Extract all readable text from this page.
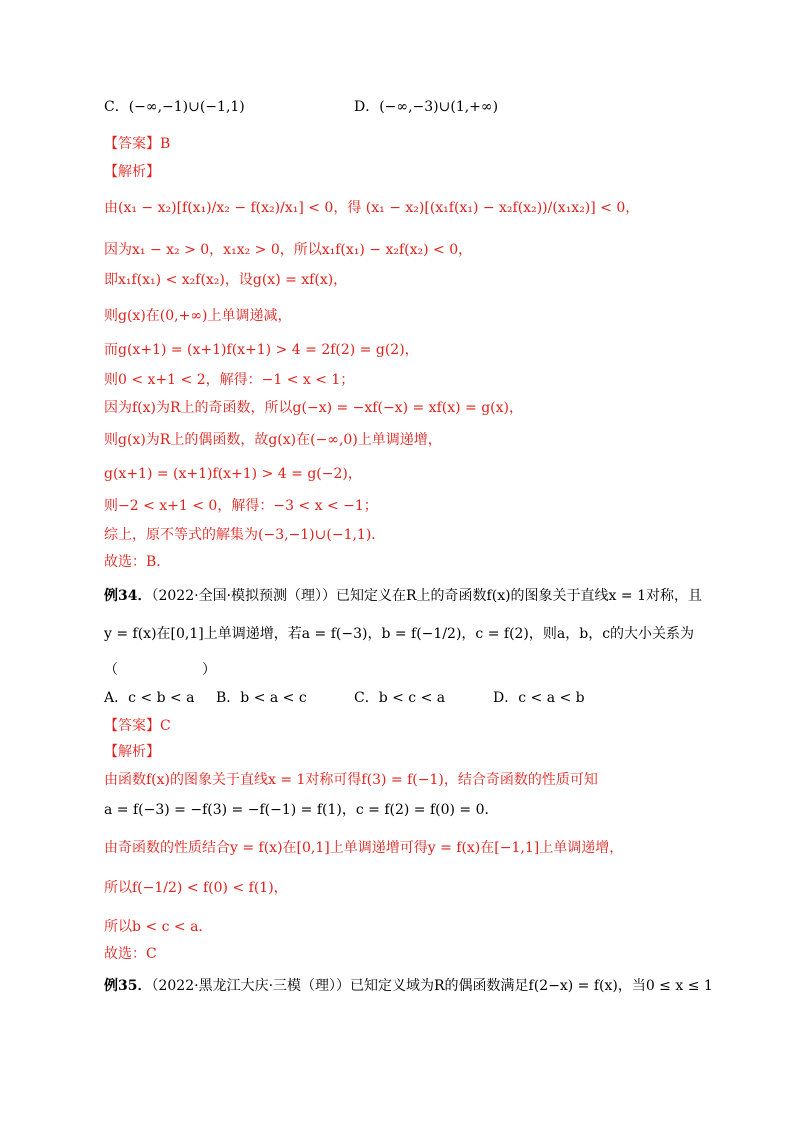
C．(−∞,−1)∪(−1,1)	D．(−∞,−3)∪(1,+∞)
【答案】B
【解析】
由(x₁ − x₂)[f(x₁)/x₂ − f(x₂)/x₁] < 0，得 (x₁ − x₂)[(x₁f(x₁) − x₂f(x₂))/(x₁x₂)] < 0，
因为x₁ − x₂ > 0，x₁x₂ > 0，所以x₁f(x₁) − x₂f(x₂) < 0，
即x₁f(x₁) < x₂f(x₂)，设g(x) = xf(x)，
则g(x)在(0,+∞)上单调递减，
而g(x+1) = (x+1)f(x+1) > 4 = 2f(2) = g(2)，
则0 < x+1 < 2，解得：−1 < x < 1；
因为f(x)为R上的奇函数，所以g(−x) = −xf(−x) = xf(x) = g(x)，
则g(x)为R上的偶函数，故g(x)在(−∞,0)上单调递增，
g(x+1) = (x+1)f(x+1) > 4 = g(−2)，
则−2 < x+1 < 0，解得：−3 < x < −1；
综上，原不等式的解集为(−3,−1)∪(−1,1)．
故选：B．
例34．（2022·全国·模拟预测（理））已知定义在R上的奇函数f(x)的图象关于直线x = 1对称，且
y = f(x)在[0,1]上单调递增，若a = f(−3)，b = f(−1/2)，c = f(2)，则a，b，c的大小关系为
（　　　　　　）
A．c < b < a B．b < a < c	C．b < c < a	D．c < a < b
【答案】C
【解析】
由函数f(x)的图象关于直线x = 1对称可得f(3) = f(−1)，结合奇函数的性质可知
a = f(−3) = −f(3) = −f(−1) = f(1)，c = f(2) = f(0) = 0．
由奇函数的性质结合y = f(x)在[0,1]上单调递增可得y = f(x)在[−1,1]上单调递增，
所以f(−1/2) < f(0) < f(1)，
所以b < c < a．
故选：C
例35．（2022·黑龙江大庆·三模（理））已知定义域为R的偶函数满足f(2−x) = f(x)，当0 ≤ x ≤ 1
